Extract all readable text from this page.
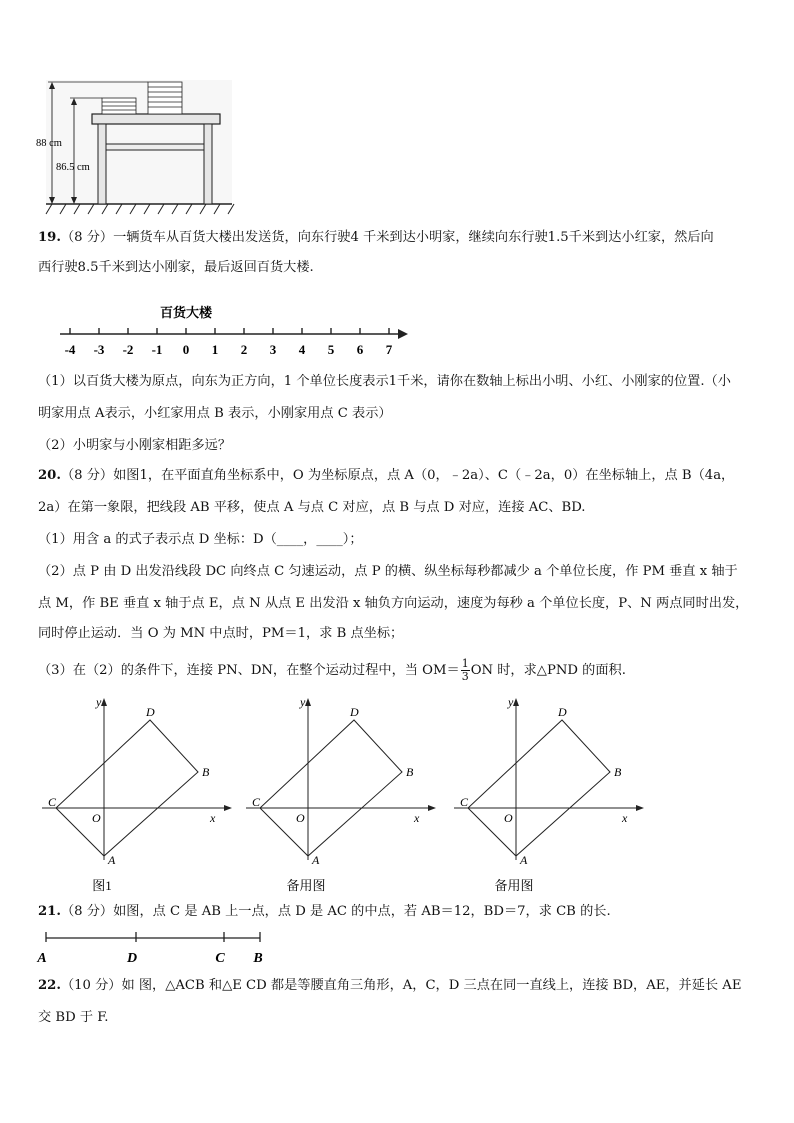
88 cm
86.5 cm
19.（8 分）一辆货车从百货大楼出发送货，向东行驶4 千米到达小明家，继续向东行驶1.5千米到达小红家，然后向
西行驶8.5千米到达小刚家，最后返回百货大楼.
百货大楼
-4 -3 -2 -1 0 1 2 3 4 5 6 7
（1）以百货大楼为原点，向东为正方向，1 个单位长度表示1千米，请你在数轴上标出小明、小红、小刚家的位置.（小
明家用点 A表示，小红家用点 B 表示，小刚家用点 C 表示）
（2）小明家与小刚家相距多远？
20.（8 分）如图1，在平面直角坐标系中，O 为坐标原点，点 A（0，﹣2a）、C（﹣2a，0）在坐标轴上，点 B（4a，
2a）在第一象限，把线段 AB 平移，使点 A 与点 C 对应，点 B 与点 D 对应，连接 AC、BD.
（1）用含 a 的式子表示点 D 坐标：D（____，____）；
（2）点 P 由 D 出发沿线段 DC 向终点 C 匀速运动，点 P 的横、纵坐标每秒都减少 a 个单位长度，作 PM 垂直 x 轴于
点 M，作 BE 垂直 x 轴于点 E，点 N 从点 E 出发沿 x 轴负方向运动，速度为每秒 a 个单位长度，P、N 两点同时出发，
同时停止运动．当 O 为 MN 中点时，PM＝1，求 B 点坐标；
（3）在（2）的条件下，连接 PN、DN，在整个运动过程中，当 $OM= \frac{1}{3}$ ON 时，求△PND 的面积.
y
x
O
A
B
C
D
图1
y
x
O
A
B
C
D
备用图
y
x
O
A
B
C
D
备用图
21.（8 分）如图，点 C 是 AB 上一点，点 D 是 AC 的中点，若 AB＝12，BD＝7，求 CB 的长.
A	D	C B
22.（10 分）如 图，△ACB 和△E CD 都是等腰直角三角形，A，C，D 三点在同一直线上，连接 BD，AE，并延长 AE
交 BD 于 F.
